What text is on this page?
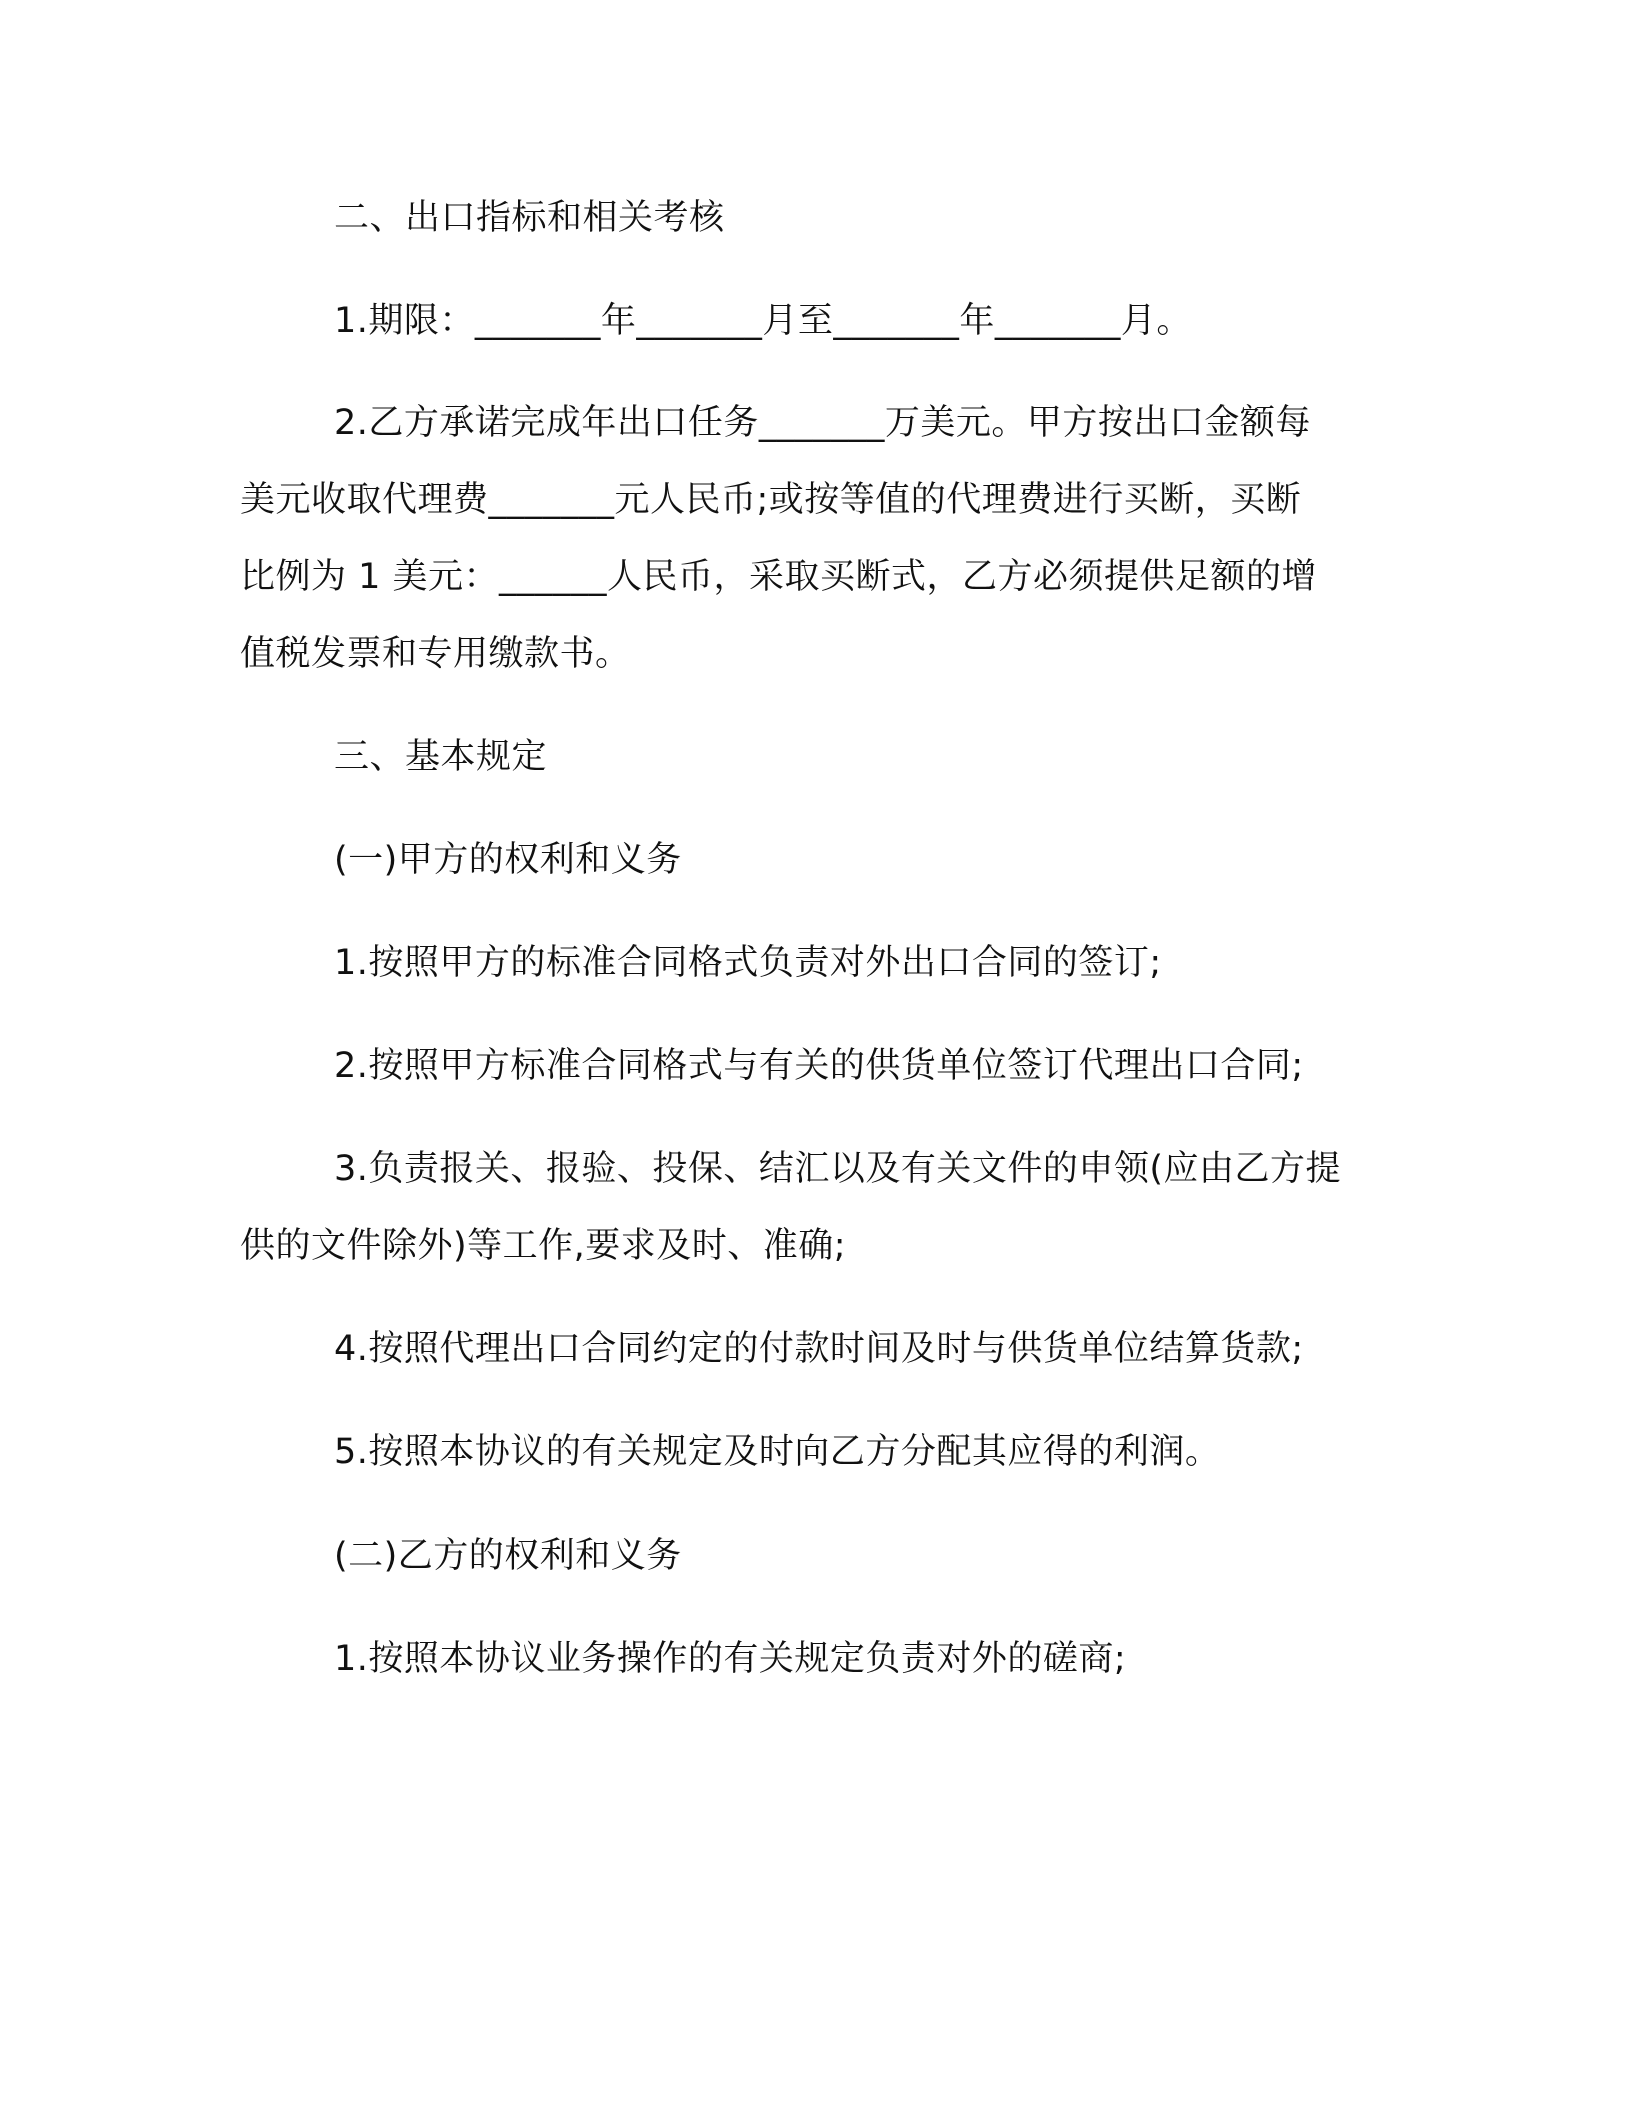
二、出口指标和相关考核

1.期限：_______年_______月至_______年_______月。

2.乙方承诺完成年出口任务_______万美元。甲方按出口金额每

美元收取代理费_______元人民币;或按等值的代理费进行买断，买断

比例为 1 美元：______人民币，采取买断式，乙方必须提供足额的增

值税发票和专用缴款书。

三、基本规定

(一)甲方的权利和义务

1.按照甲方的标准合同格式负责对外出口合同的签订;

2.按照甲方标准合同格式与有关的供货单位签订代理出口合同;

3.负责报关、报验、投保、结汇以及有关文件的申领(应由乙方提

供的文件除外)等工作,要求及时、准确;

4.按照代理出口合同约定的付款时间及时与供货单位结算货款;

5.按照本协议的有关规定及时向乙方分配其应得的利润。

(二)乙方的权利和义务

1.按照本协议业务操作的有关规定负责对外的磋商;
